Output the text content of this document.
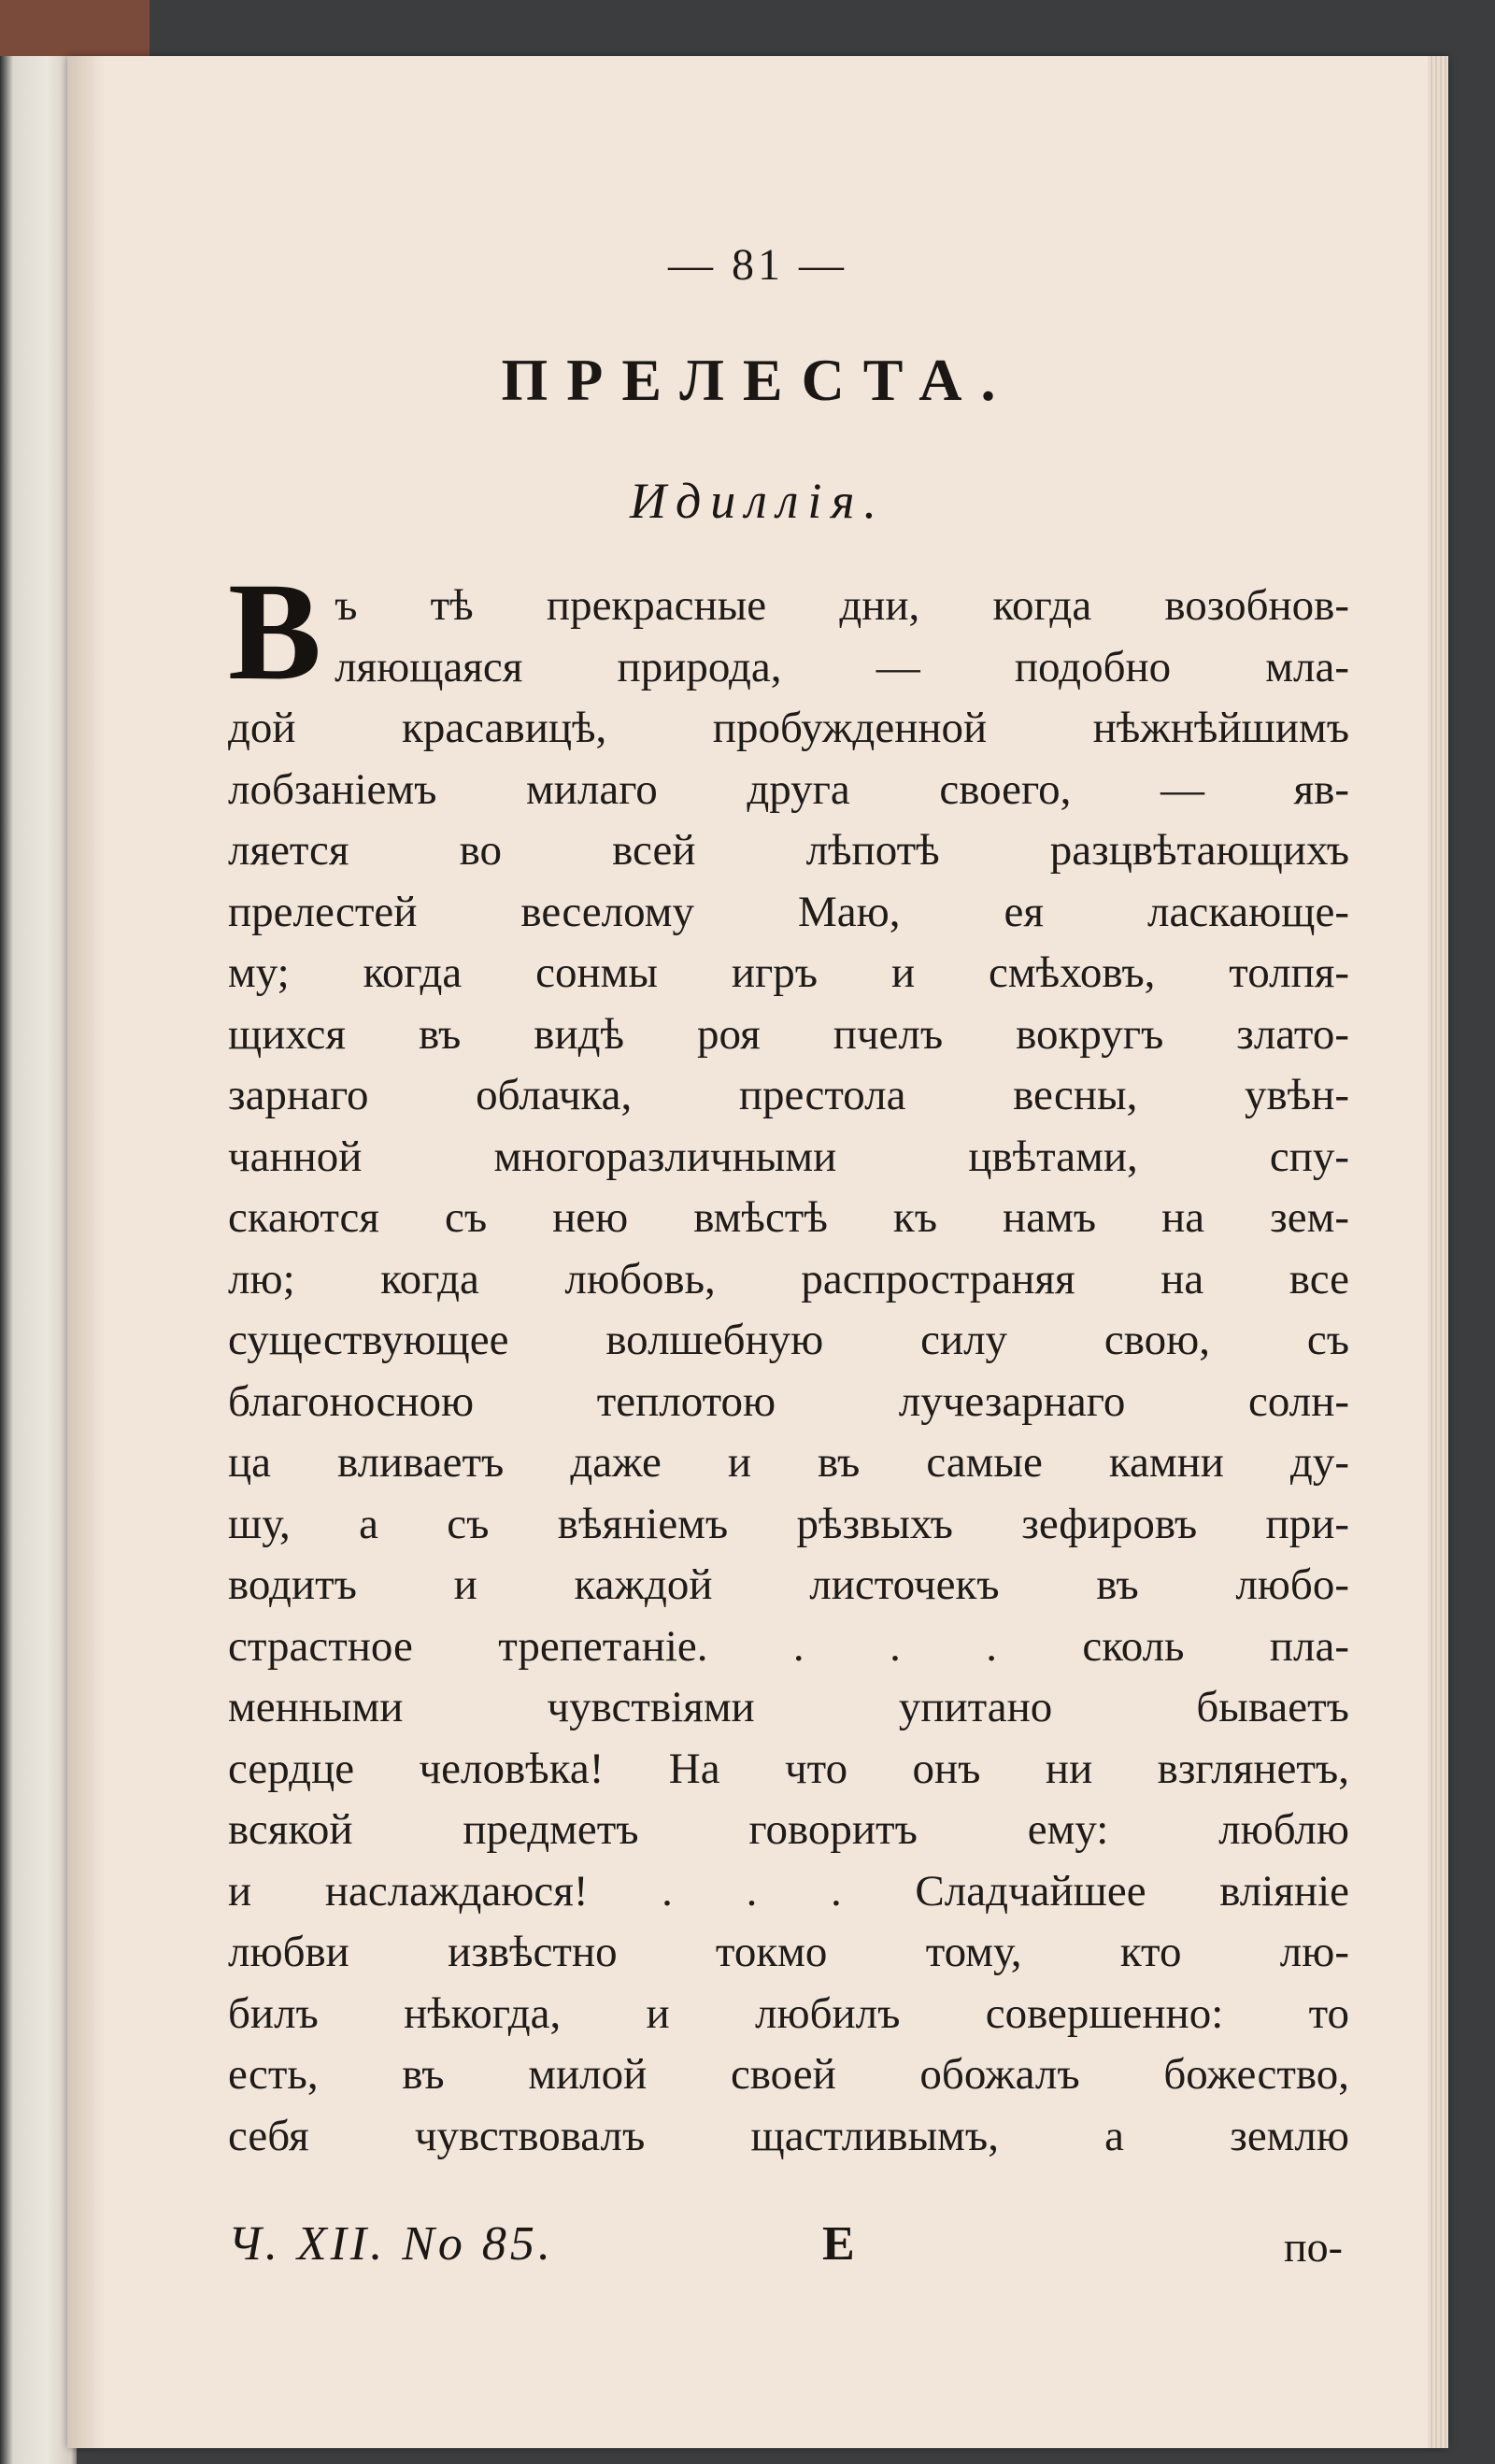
— 81 —
ПРЕЛЕСТА.
Идиллія.
В ъ тѣ прекрасные дни, когда возобнов-
ляющаяся природа, — подобно мла-
дой красавицѣ, пробужденной нѣжнѣйшимъ
лобзаніемъ милаго друга своего, — яв-
ляется во всей лѣпотѣ разцвѣтающихъ
прелестей веселому Маю, ея ласкающе-
му; когда сонмы игръ и смѣховъ, толпя-
щихся въ видѣ роя пчелъ вокругъ злато-
зарнаго облачка, престола весны, увѣн-
чанной многоразличными цвѣтами, спу-
скаются съ нею вмѣстѣ къ намъ на зем-
лю; когда любовь, распространяя на все
существующее волшебную силу свою, съ
благоносною теплотою лучезарнаго солн-
ца вливаетъ даже и въ самые камни ду-
шу, а съ вѣяніемъ рѣзвыхъ зефировъ при-
водитъ и каждой листочекъ въ любо-
страстное трепетаніе. . . . сколь пла-
менными чувствіями упитано бываетъ
сердце человѣка! На что онъ ни взглянетъ,
всякой предметъ говоритъ ему: люблю
и наслаждаюся! . . . Сладчайшее вліяніе
любви извѣстно токмо тому, кто лю-
билъ нѣкогда, и любилъ совершенно: то
есть, въ милой своей обожалъ божество,
себя чувствовалъ щастливымъ, а землю
Ч. XII. No 85.	Е	по-
